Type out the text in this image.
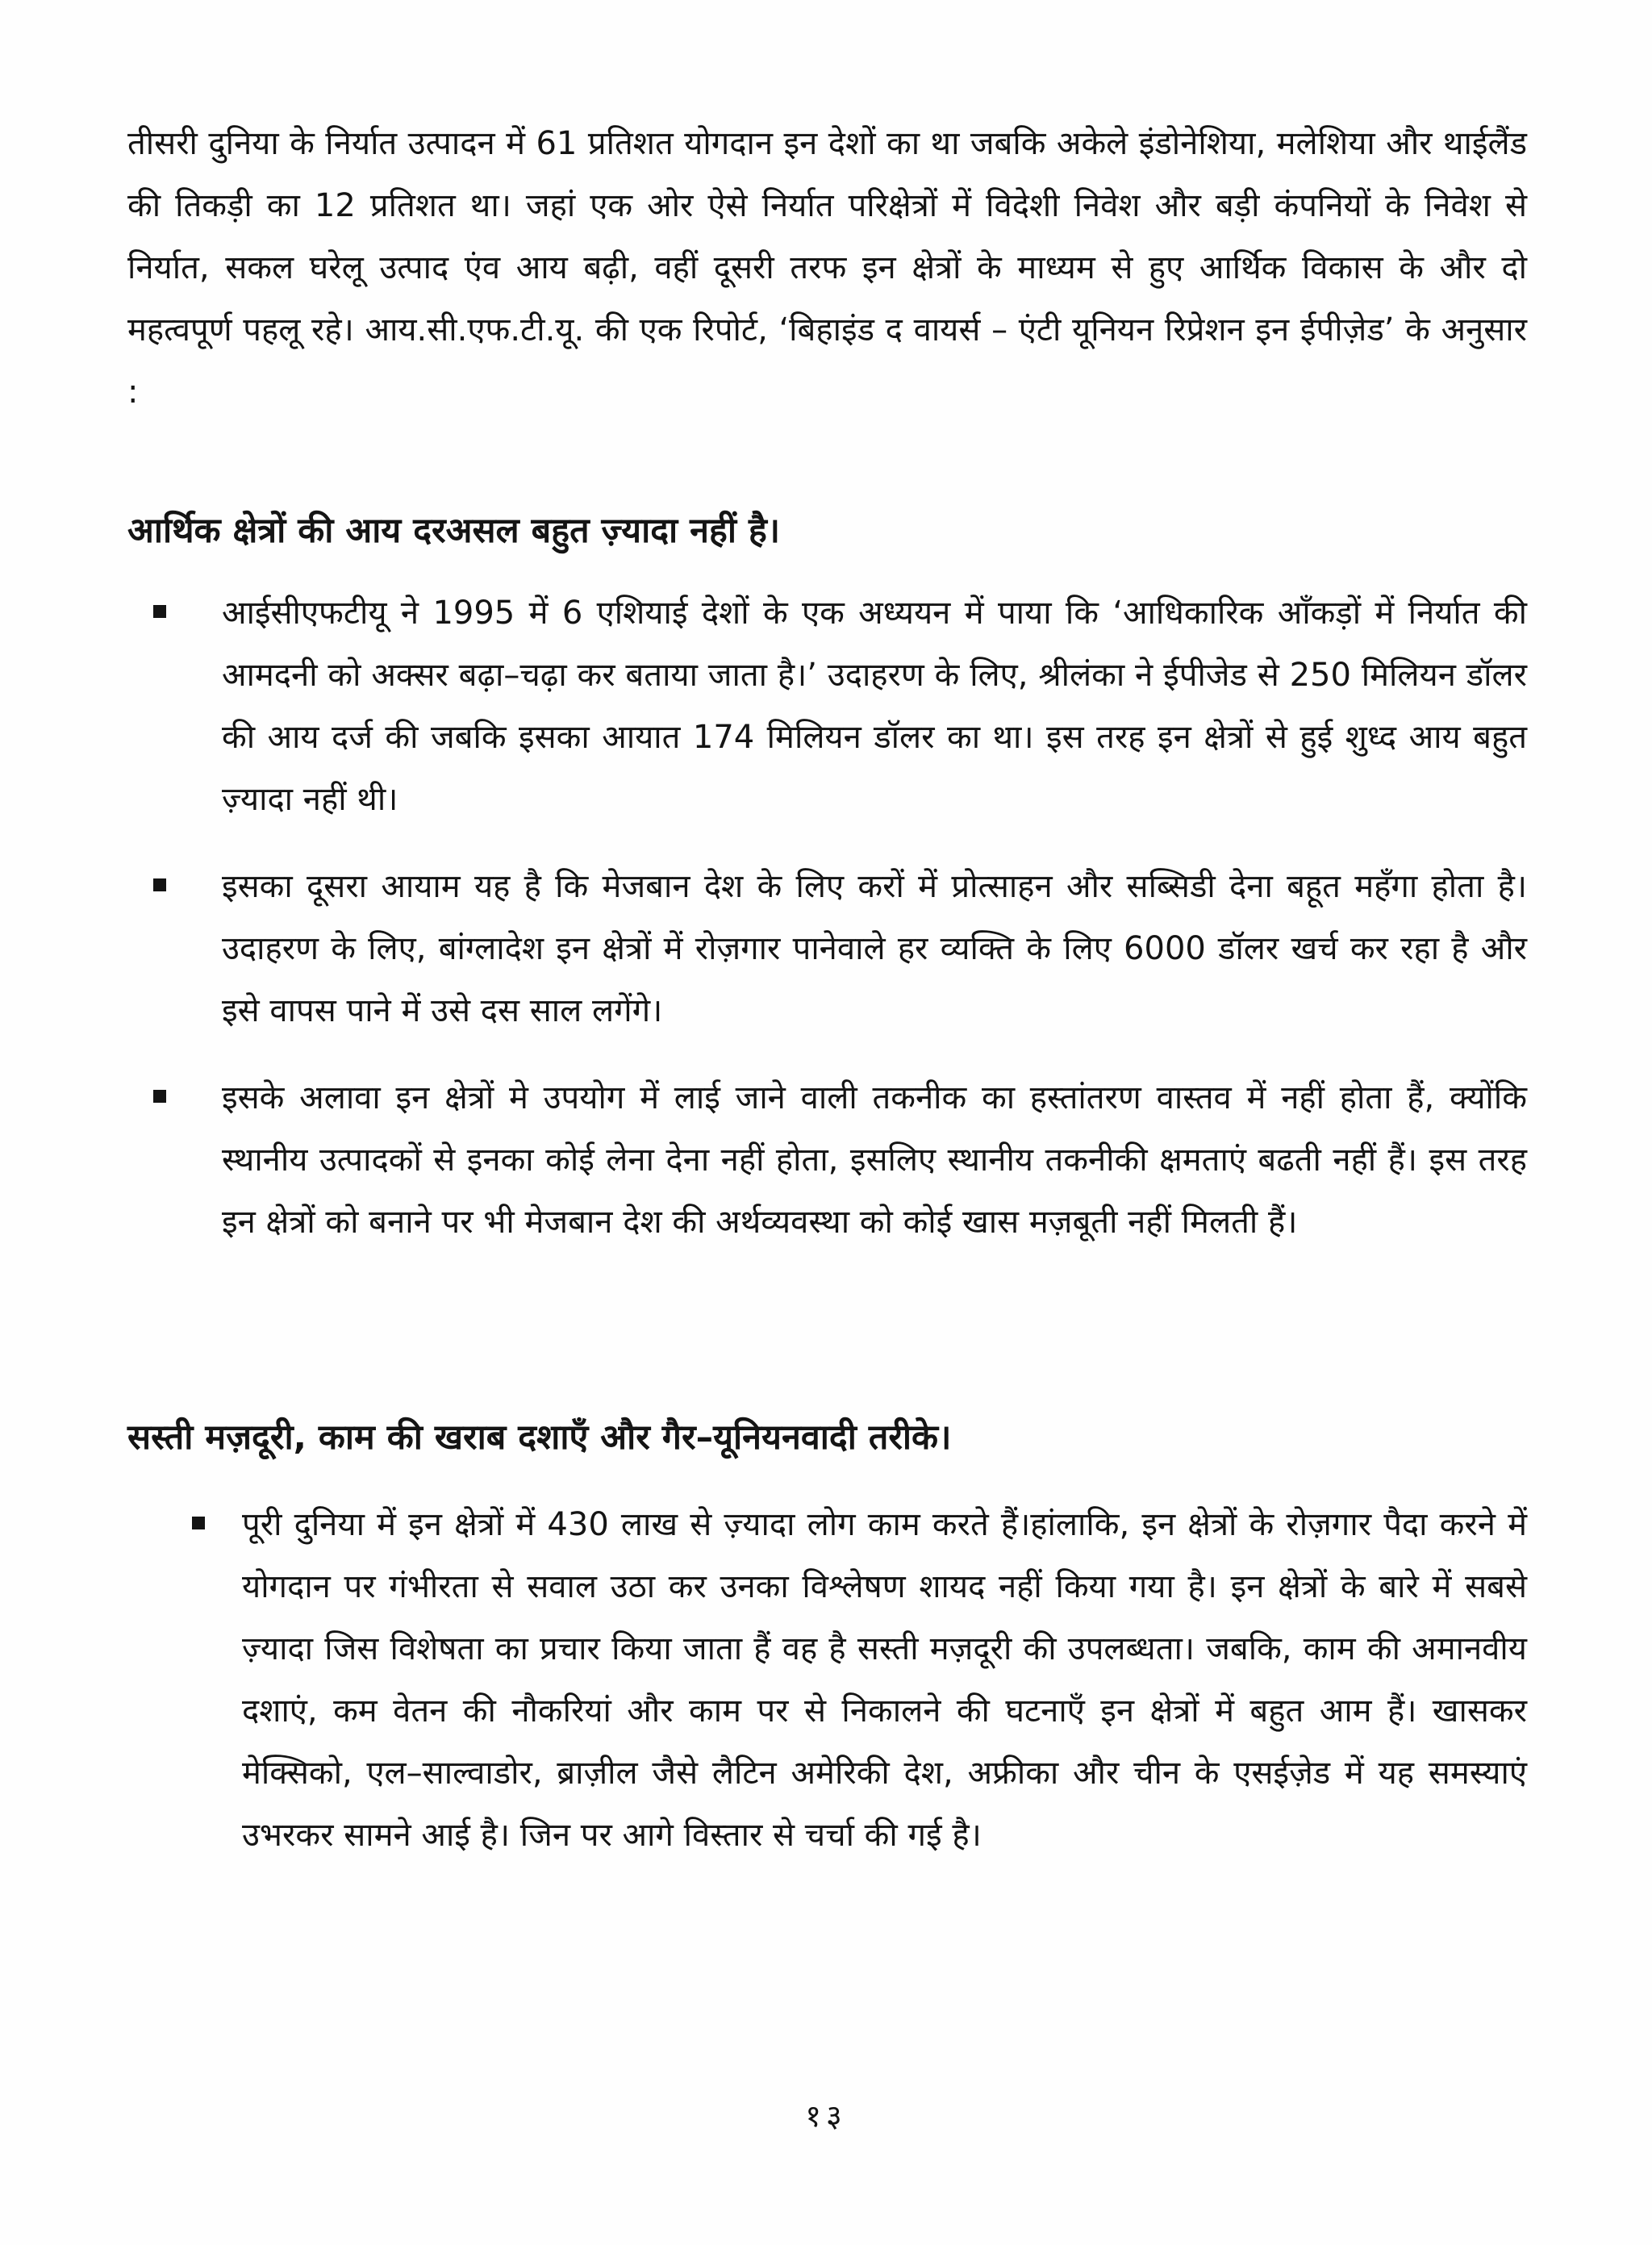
तीसरी दुनिया के निर्यात उत्पादन में 61 प्रतिशत योगदान इन देशों का था जबकि अकेले इंडोनेशिया, मलेशिया और थाईलैंड की तिकड़ी का 12 प्रतिशत था। जहां एक ओर ऐसे निर्यात परिक्षेत्रों में विदेशी निवेश और बड़ी कंपनियों के निवेश से निर्यात, सकल घरेलू उत्पाद एंव आय बढ़ी, वहीं दूसरी तरफ इन क्षेत्रों के माध्यम से हुए आर्थिक विकास के और दो महत्वपूर्ण पहलू रहे। आय.सी.एफ.टी.यू. की एक रिपोर्ट, ‘बिहाइंड द वायर्स – एंटी यूनियन रिप्रेशन इन ईपीज़ेड’ के अनुसार :

आर्थिक क्षेत्रों की आय दरअसल बहुत ज़्यादा नहीं है।
आईसीएफटीयू ने 1995 में 6 एशियाई देशों के एक अध्ययन में पाया कि ‘आधिकारिक आँकड़ों में निर्यात की आमदनी को अक्सर बढ़ा–चढ़ा कर बताया जाता है।’ उदाहरण के लिए, श्रीलंका ने ईपीजेड से 250 मिलियन डॉलर की आय दर्ज की जबकि इसका आयात 174 मिलियन डॉलर का था। इस तरह इन क्षेत्रों से हुई शुध्द आय बहुत ज़्यादा नहीं थी।
इसका दूसरा आयाम यह है कि मेजबान देश के लिए करों में प्रोत्साहन और सब्सिडी देना बहूत महँगा होता है। उदाहरण के लिए, बांग्लादेश इन क्षेत्रों में रोज़गार पानेवाले हर व्यक्ति के लिए 6000 डॉलर खर्च कर रहा है और इसे वापस पाने में उसे दस साल लगेंगे।
इसके अलावा इन क्षेत्रों मे उपयोग में लाई जाने वाली तकनीक का हस्तांतरण वास्तव में नहीं होता हैं, क्योंकि स्थानीय उत्पादकों से इनका कोई लेना देना नहीं होता, इसलिए स्थानीय तकनीकी क्षमताएं बढती नहीं हैं। इस तरह इन क्षेत्रों को बनाने पर भी मेजबान देश की अर्थव्यवस्था को कोई खास मज़बूती नहीं मिलती हैं।
सस्ती मज़दूरी, काम की खराब दशाएँ और गैर–यूनियनवादी तरीके।
पूरी दुनिया में इन क्षेत्रों में 430 लाख से ज़्यादा लोग काम करते हैं।हांलाकि, इन क्षेत्रों के रोज़गार पैदा करने में योगदान पर गंभीरता से सवाल उठा कर उनका विश्लेषण शायद नहीं किया गया है। इन क्षेत्रों के बारे में सबसे ज़्यादा जिस विशेषता का प्रचार किया जाता हैं वह है सस्ती मज़दूरी की उपलब्धता। जबकि, काम की अमानवीय दशाएं, कम वेतन की नौकरियां और काम पर से निकालने की घटनाएँ इन क्षेत्रों में बहुत आम हैं। खासकर मेक्सिको, एल–साल्वाडोर, ब्राज़ील जैसे लैटिन अमेरिकी देश, अफ्रीका और चीन के एसईज़ेड में यह समस्याएं उभरकर सामने आई है। जिन पर आगे विस्तार से चर्चा की गई है।
१३
